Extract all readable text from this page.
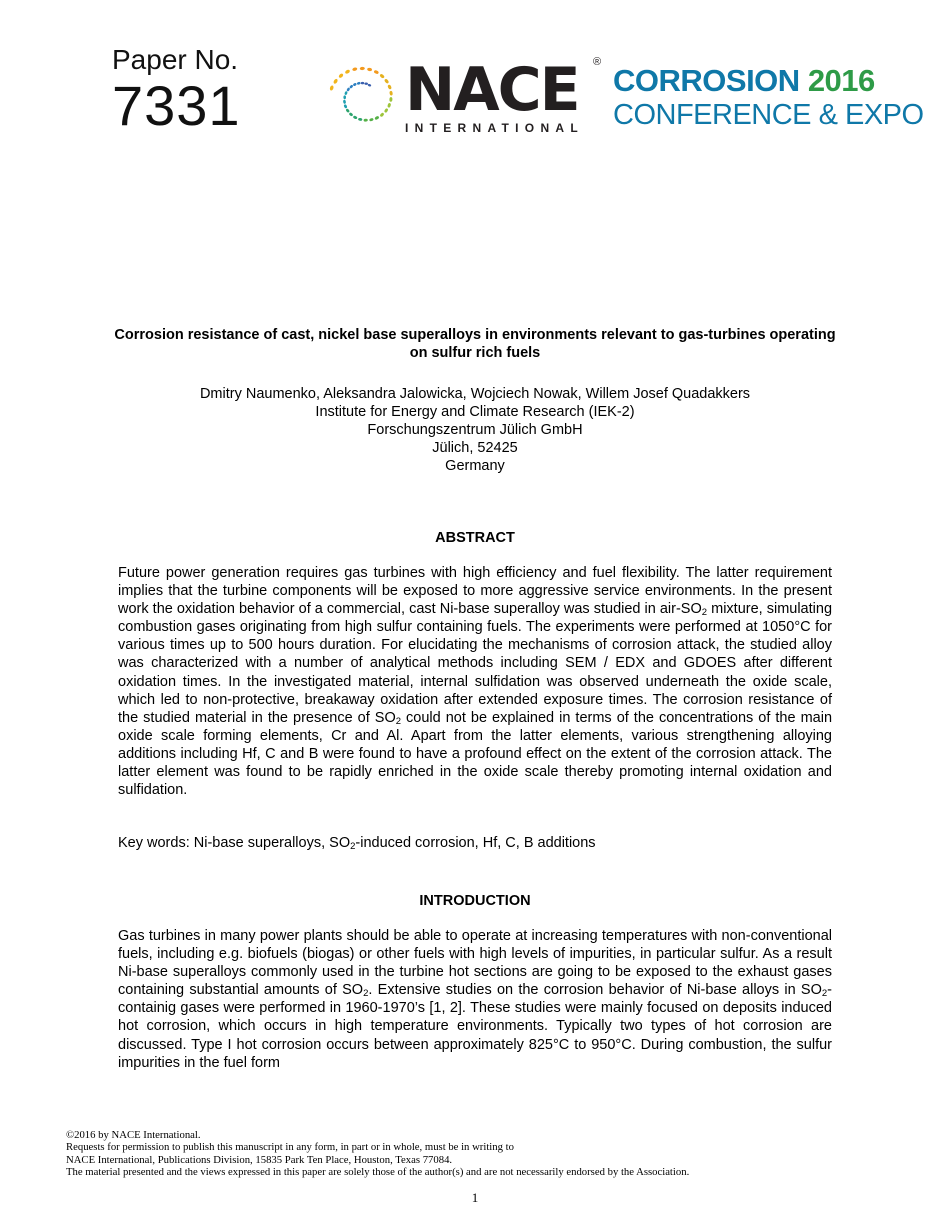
Paper No.
7331	NACE ®
INTERNATIONAL
CORROSION 2016
CONFERENCE & EXPO
Corrosion resistance of cast, nickel base superalloys in environments relevant to gas-turbines operating on sulfur rich fuels
Dmitry Naumenko, Aleksandra Jalowicka, Wojciech Nowak, Willem Josef Quadakkers
Institute for Energy and Climate Research (IEK-2)
Forschungszentrum Jülich GmbH
Jülich, 52425
Germany
ABSTRACT

Future power generation requires gas turbines with high efficiency and fuel flexibility. The latter requirement implies that the turbine components will be exposed to more aggressive service environments. In the present work the oxidation behavior of a commercial, cast Ni-base superalloy was studied in air-$SO_2$ mixture, simulating combustion gases originating from high sulfur containing fuels. The experiments were performed at 1050°C for various times up to 500 hours duration. For elucidating the mechanisms of corrosion attack, the studied alloy was characterized with a number of analytical methods including SEM / EDX and GDOES after different oxidation times. In the investigated material, internal sulfidation was observed underneath the oxide scale, which led to non-protective, breakaway oxidation after extended exposure times. The corrosion resistance of the studied material in the presence of $SO_2$ could not be explained in terms of the concentrations of the main oxide scale forming elements, Cr and Al. Apart from the latter elements, various strengthening alloying additions including Hf, C and B were found to have a profound effect on the extent of the corrosion attack. The latter element was found to be rapidly enriched in the oxide scale thereby promoting internal oxidation and sulfidation.

Key words: Ni-base superalloys, $SO_2$-induced corrosion, Hf, C, B additions
INTRODUCTION

Gas turbines in many power plants should be able to operate at increasing temperatures with non-conventional fuels, including e.g. biofuels (biogas) or other fuels with high levels of impurities, in particular sulfur. As a result Ni-base superalloys commonly used in the turbine hot sections are going to be exposed to the exhaust gases containing substantial amounts of $SO_2$. Extensive studies on the corrosion behavior of Ni-base alloys in $SO_2$-containig gases were performed in 1960-1970’s [1, 2]. These studies were mainly focused on deposits induced hot corrosion, which occurs in high temperature environments. Typically two types of hot corrosion are discussed. Type I hot corrosion occurs between approximately 825°C to 950°C. During combustion, the sulfur impurities in the fuel form

©2016 by NACE International.
Requests for permission to publish this manuscript in any form, in part or in whole, must be in writing to
NACE International, Publications Division, 15835 Park Ten Place, Houston, Texas 77084.
The material presented and the views expressed in this paper are solely those of the author(s) and are not necessarily endorsed by the Association.
1
